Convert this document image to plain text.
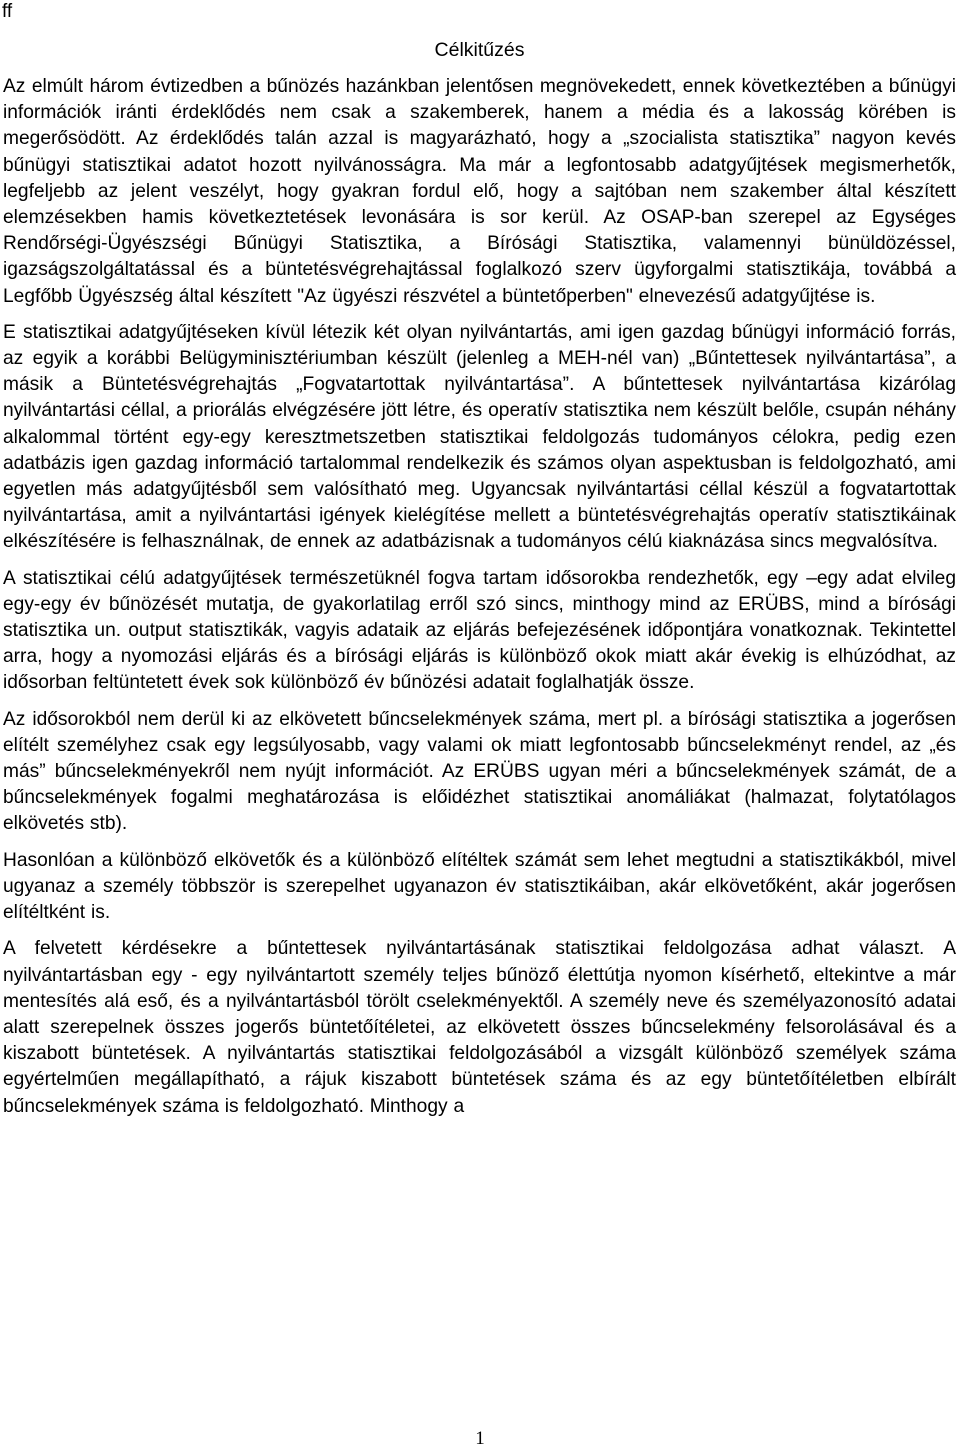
ff
Célkitűzés

Az elmúlt három évtizedben a bűnözés hazánkban jelentősen megnövekedett, ennek következtében a bűnügyi információk iránti érdeklődés nem csak a szakemberek, hanem a média és a lakosság körében is megerősödött. Az érdeklődés talán azzal is magyarázható, hogy a „szocialista statisztika” nagyon kevés bűnügyi statisztikai adatot hozott nyilvánosságra. Ma már a legfontosabb adatgyűjtések megismerhetők, legfeljebb az jelent veszélyt, hogy gyakran fordul elő, hogy a sajtóban nem szakember által készített elemzésekben hamis következtetések levonására is sor kerül. Az OSAP-ban szerepel az Egységes Rendőrségi-Ügyészségi Bűnügyi Statisztika, a Bírósági Statisztika, valamennyi bünüldözéssel, igazságszolgáltatással és a büntetésvégrehajtással foglalkozó szerv ügyforgalmi statisztikája, továbbá a Legfőbb Ügyészség által készített "Az ügyészi részvétel a büntetőperben" elnevezésű adatgyűjtése is.

E statisztikai adatgyűjtéseken kívül létezik két olyan nyilvántartás, ami igen gazdag bűnügyi információ forrás, az egyik a korábbi Belügyminisztériumban készült (jelenleg a MEH-nél van) „Bűntettesek nyilvántartása”, a másik a Büntetésvégrehajtás „Fogvatartottak nyilvántartása”. A bűntettesek nyilvántartása kizárólag nyilvántartási céllal, a priorálás elvégzésére jött létre, és operatív statisztika nem készült belőle, csupán néhány alkalommal történt egy-egy keresztmetszetben statisztikai feldolgozás tudományos célokra, pedig ezen adatbázis igen gazdag információ tartalommal rendelkezik és számos olyan aspektusban is feldolgozható, ami egyetlen más adatgyűjtésből sem valósítható meg. Ugyancsak nyilvántartási céllal készül a fogvatartottak nyilvántartása, amit a nyilvántartási igények kielégítése mellett a büntetésvégrehajtás operatív statisztikáinak elkészítésére is felhasználnak, de ennek az adatbázisnak a tudományos célú kiaknázása sincs megvalósítva.

A statisztikai célú adatgyűjtések természetüknél fogva tartam idősorokba rendezhetők, egy –egy adat elvileg egy-egy év bűnözését mutatja, de gyakorlatilag erről szó sincs, minthogy mind az ERÜBS, mind a bírósági statisztika un. output statisztikák, vagyis adataik az eljárás befejezésének időpontjára vonatkoznak. Tekintettel arra, hogy a nyomozási eljárás és a bírósági eljárás is különböző okok miatt akár évekig is elhúzódhat, az idősorban feltüntetett évek sok különböző év bűnözési adatait foglalhatják össze.

Az idősorokból nem derül ki az elkövetett bűncselekmények száma, mert pl. a bírósági statisztika a jogerősen elítélt személyhez csak egy legsúlyosabb, vagy valami ok miatt legfontosabb bűncselekményt rendel, az „és más” bűncselekményekről nem nyújt információt. Az ERÜBS ugyan méri a bűncselekmények számát, de a bűncselekmények fogalmi meghatározása is előidézhet statisztikai anomáliákat (halmazat, folytatólagos elkövetés stb).

Hasonlóan a különböző elkövetők és a különböző elítéltek számát sem lehet megtudni a statisztikákból, mivel ugyanaz a személy többször is szerepelhet ugyanazon év statisztikáiban, akár elkövetőként, akár jogerősen elítéltként is.

A felvetett kérdésekre a bűntettesek nyilvántartásának statisztikai feldolgozása adhat választ. A nyilvántartásban egy - egy nyilvántartott személy teljes bűnöző élettútja nyomon kísérhető, eltekintve a már mentesítés alá eső, és a nyilvántartásból törölt cselekményektől. A személy neve és személyazonosító adatai alatt szerepelnek összes jogerős büntetőítéletei, az elkövetett összes bűncselekmény felsorolásával és a kiszabott büntetések. A nyilvántartás statisztikai feldolgozásából a vizsgált különböző személyek száma egyértelműen megállapítható, a rájuk kiszabott büntetések száma és az egy büntetőítéletben elbírált bűncselekmények száma is feldolgozható. Minthogy a

1
